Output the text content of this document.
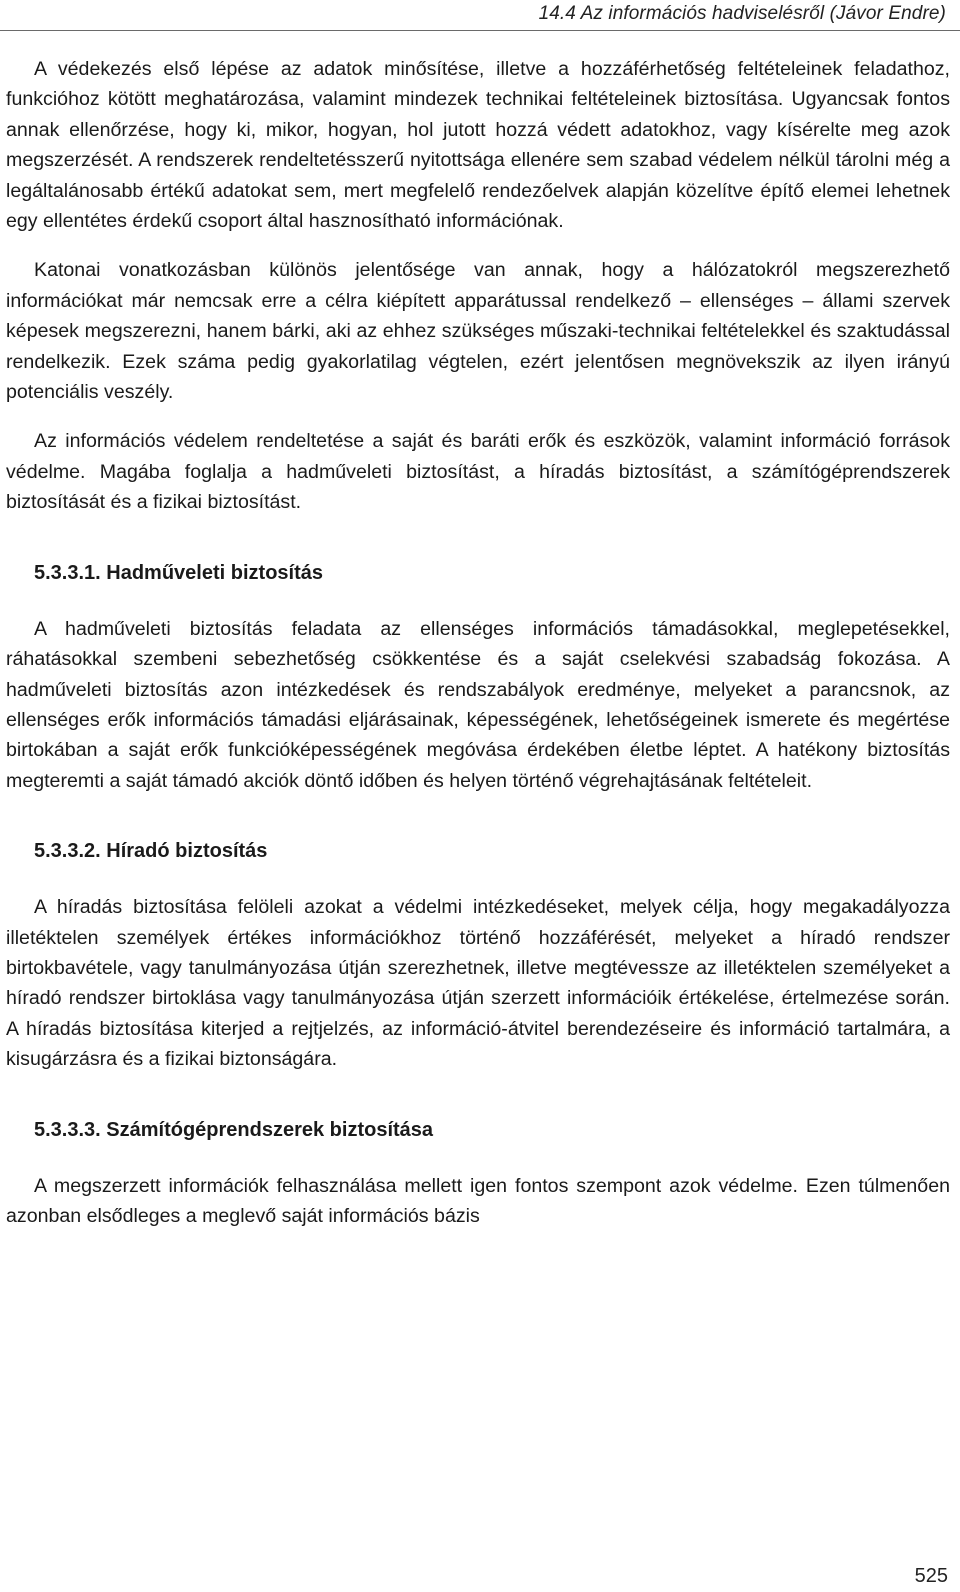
14.4 Az információs hadviselésről (Jávor Endre)

A védekezés első lépése az adatok minősítése, illetve a hozzáférhetőség feltételeinek feladathoz, funkcióhoz kötött meghatározása, valamint mindezek technikai feltételeinek biztosítása. Ugyancsak fontos annak ellenőrzése, hogy ki, mikor, hogyan, hol jutott hozzá védett adatokhoz, vagy kísérelte meg azok megszerzését. A rendszerek rendeltetésszerű nyitottsága ellenére sem szabad védelem nélkül tárolni még a legáltalánosabb értékű adatokat sem, mert megfelelő rendezőelvek alapján közelítve építő elemei lehetnek egy ellentétes érdekű csoport által hasznosítható információnak.

Katonai vonatkozásban különös jelentősége van annak, hogy a hálózatokról megszerezhető információkat már nemcsak erre a célra kiépített apparátussal rendelkező – ellenséges – állami szervek képesek megszerezni, hanem bárki, aki az ehhez szükséges műszaki-technikai feltételekkel és szaktudással rendelkezik. Ezek száma pedig gyakorlatilag végtelen, ezért jelentősen megnövekszik az ilyen irányú potenciális veszély.

Az információs védelem rendeltetése a saját és baráti erők és eszközök, valamint információ források védelme. Magába foglalja a hadműveleti biztosítást, a híradás biztosítást, a számítógéprendszerek biztosítását és a fizikai biztosítást.

5.3.3.1. Hadműveleti biztosítás

A hadműveleti biztosítás feladata az ellenséges információs támadásokkal, meglepetésekkel, ráhatásokkal szembeni sebezhetőség csökkentése és a saját cselekvési szabadság fokozása. A hadműveleti biztosítás azon intézkedések és rendszabályok eredménye, melyeket a parancsnok, az ellenséges erők információs támadási eljárásainak, képességének, lehetőségeinek ismerete és megértése birtokában a saját erők funkcióképességének megóvása érdekében életbe léptet. A hatékony biztosítás megteremti a saját támadó akciók döntő időben és helyen történő végrehajtásának feltételeit.

5.3.3.2. Híradó biztosítás

A híradás biztosítása felöleli azokat a védelmi intézkedéseket, melyek célja, hogy megakadályozza illetéktelen személyek értékes információkhoz történő hozzáférését, melyeket a híradó rendszer birtokbavétele, vagy tanulmányozása útján szerezhetnek, illetve megtévessze az illetéktelen személyeket a híradó rendszer birtoklása vagy tanulmányozása útján szerzett információik értékelése, értelmezése során. A híradás biztosítása kiterjed a rejtjelzés, az információ-átvitel berendezéseire és információ tartalmára, a kisugárzásra és a fizikai biztonságára.

5.3.3.3. Számítógéprendszerek biztosítása

A megszerzett információk felhasználása mellett igen fontos szempont azok védelme. Ezen túlmenően azonban elsődleges a meglevő saját információs bázis

525
